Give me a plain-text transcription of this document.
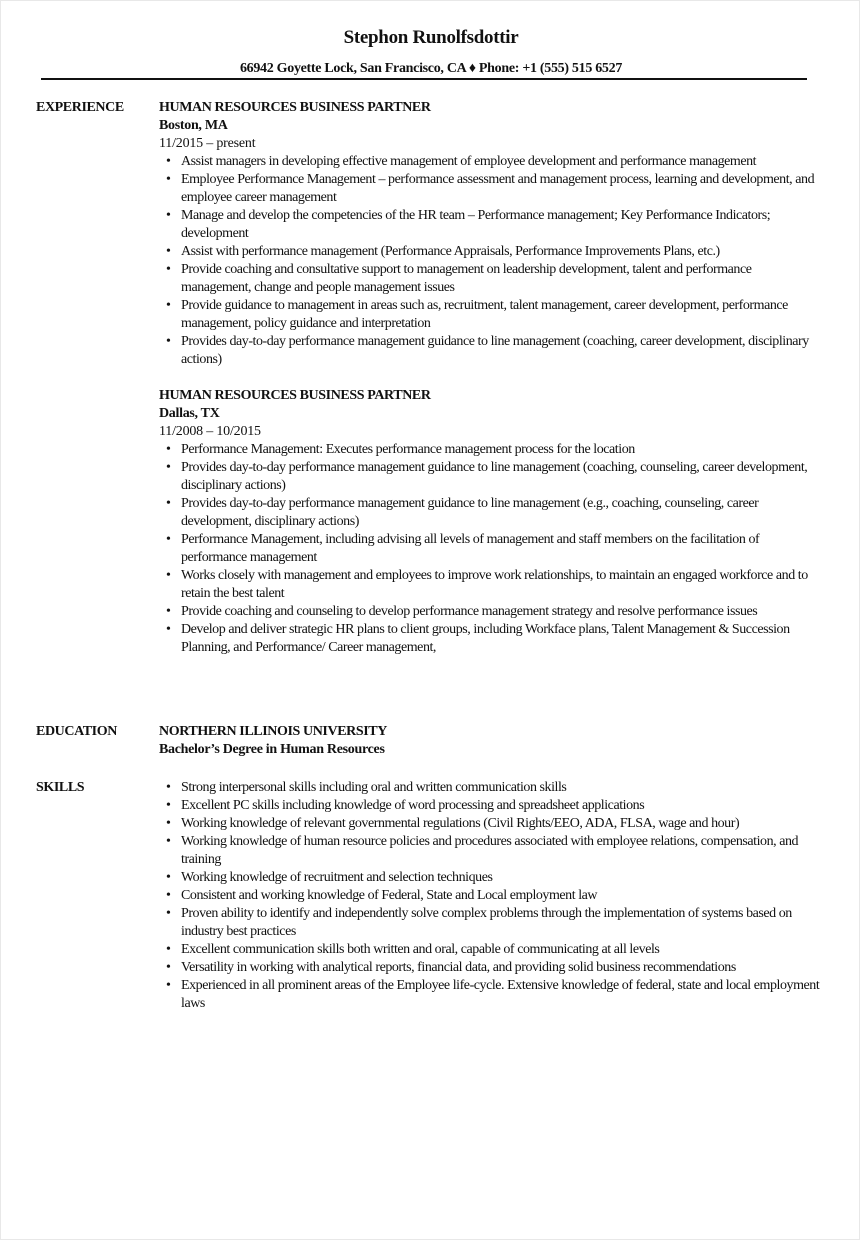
Stephon Runolfsdottir
66942 Goyette Lock, San Francisco, CA ♦ Phone: +1 (555) 515 6527
EXPERIENCE	HUMAN RESOURCES BUSINESS PARTNER
Boston, MA
11/2015 – present
• Assist managers in developing effective management of employee development and performance management
• Employee Performance Management – performance assessment and management process, learning and development, and employee career management
• Manage and develop the competencies of the HR team – Performance management; Key Performance Indicators; development
• Assist with performance management (Performance Appraisals, Performance Improvements Plans, etc.)
• Provide coaching and consultative support to management on leadership development, talent and performance management, change and people management issues
• Provide guidance to management in areas such as, recruitment, talent management, career development, performance management, policy guidance and interpretation
• Provides day-to-day performance management guidance to line management (coaching, career development, disciplinary actions)
HUMAN RESOURCES BUSINESS PARTNER
Dallas, TX
11/2008 – 10/2015
• Performance Management: Executes performance management process for the location
• Provides day-to-day performance management guidance to line management (coaching, counseling, career development, disciplinary actions)
• Provides day-to-day performance management guidance to line management (e.g., coaching, counseling, career development, disciplinary actions)
• Performance Management, including advising all levels of management and staff members on the facilitation of performance management
• Works closely with management and employees to improve work relationships, to maintain an engaged workforce and to retain the best talent
• Provide coaching and counseling to develop performance management strategy and resolve performance issues
• Develop and deliver strategic HR plans to client groups, including Workface plans, Talent Management & Succession Planning, and Performance/ Career management,
EDUCATION	NORTHERN ILLINOIS UNIVERSITY
Bachelor’s Degree in Human Resources
SKILLS	• Strong interpersonal skills including oral and written communication skills
• Excellent PC skills including knowledge of word processing and spreadsheet applications
• Working knowledge of relevant governmental regulations (Civil Rights/EEO, ADA, FLSA, wage and hour)
• Working knowledge of human resource policies and procedures associated with employee relations, compensation, and training
• Working knowledge of recruitment and selection techniques
• Consistent and working knowledge of Federal, State and Local employment law
• Proven ability to identify and independently solve complex problems through the implementation of systems based on industry best practices
• Excellent communication skills both written and oral, capable of communicating at all levels
• Versatility in working with analytical reports, financial data, and providing solid business recommendations
• Experienced in all prominent areas of the Employee life-cycle. Extensive knowledge of federal, state and local employment laws
